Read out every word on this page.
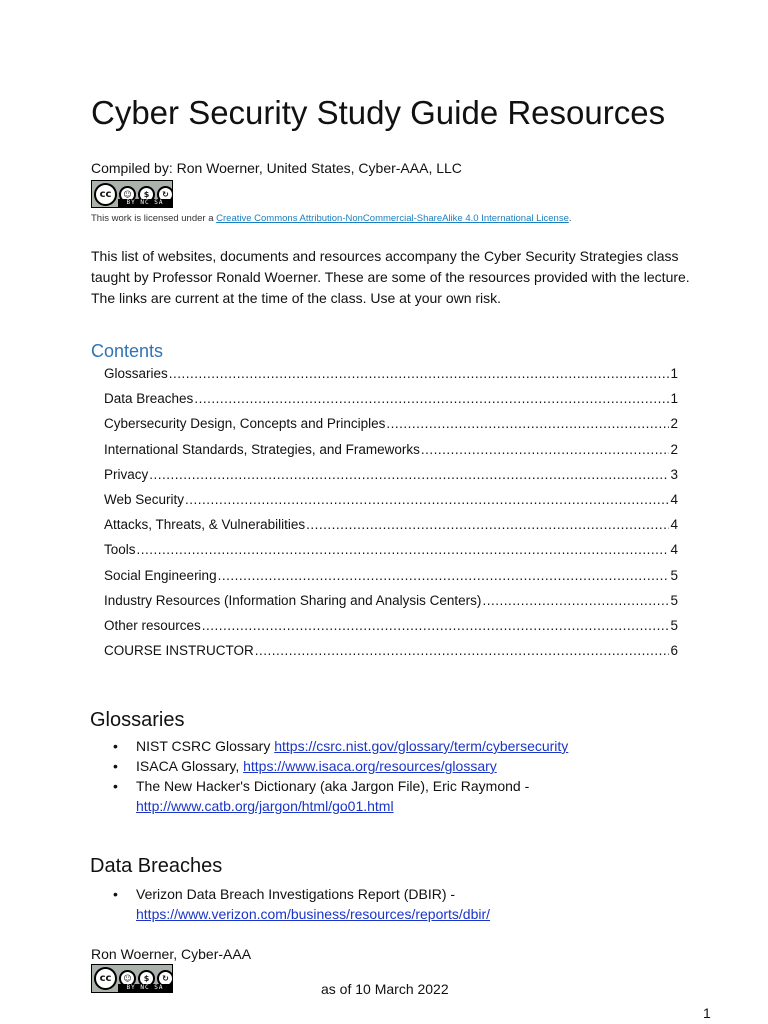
Cyber Security Study Guide Resources
Compiled by: Ron Woerner, United States, Cyber-AAA, LLC
cc	☺	$	↻
BY NC SA
This work is licensed under a Creative Commons Attribution-NonCommercial-ShareAlike 4.0 International License.
This list of websites, documents and resources accompany the Cyber Security Strategies class taught by Professor Ronald Woerner. These are some of the resources provided with the lecture. The links are current at the time of the class. Use at your own risk.
Contents
Glossaries .....	1
Data Breaches .....	1
Cybersecurity Design, Concepts and Principles .....	2
International Standards, Strategies, and Frameworks .....	2
Privacy .....	3
Web Security .....	4
Attacks, Threats, & Vulnerabilities .....	4
Tools .....	4
Social Engineering .....	5
Industry Resources (Information Sharing and Analysis Centers) .....	5
Other resources .....	5
COURSE INSTRUCTOR .....	6
Glossaries
• NIST CSRC Glossary https://csrc.nist.gov/glossary/term/cybersecurity
• ISACA Glossary, https://www.isaca.org/resources/glossary
• The New Hacker's Dictionary (aka Jargon File), Eric Raymond -
http://www.catb.org/jargon/html/go01.html
Data Breaches
• Verizon Data Breach Investigations Report (DBIR) -
https://www.verizon.com/business/resources/reports/dbir/
Ron Woerner, Cyber-AAA
cc	☺	$	↻
BY NC SA	as of 10 March 2022
1
